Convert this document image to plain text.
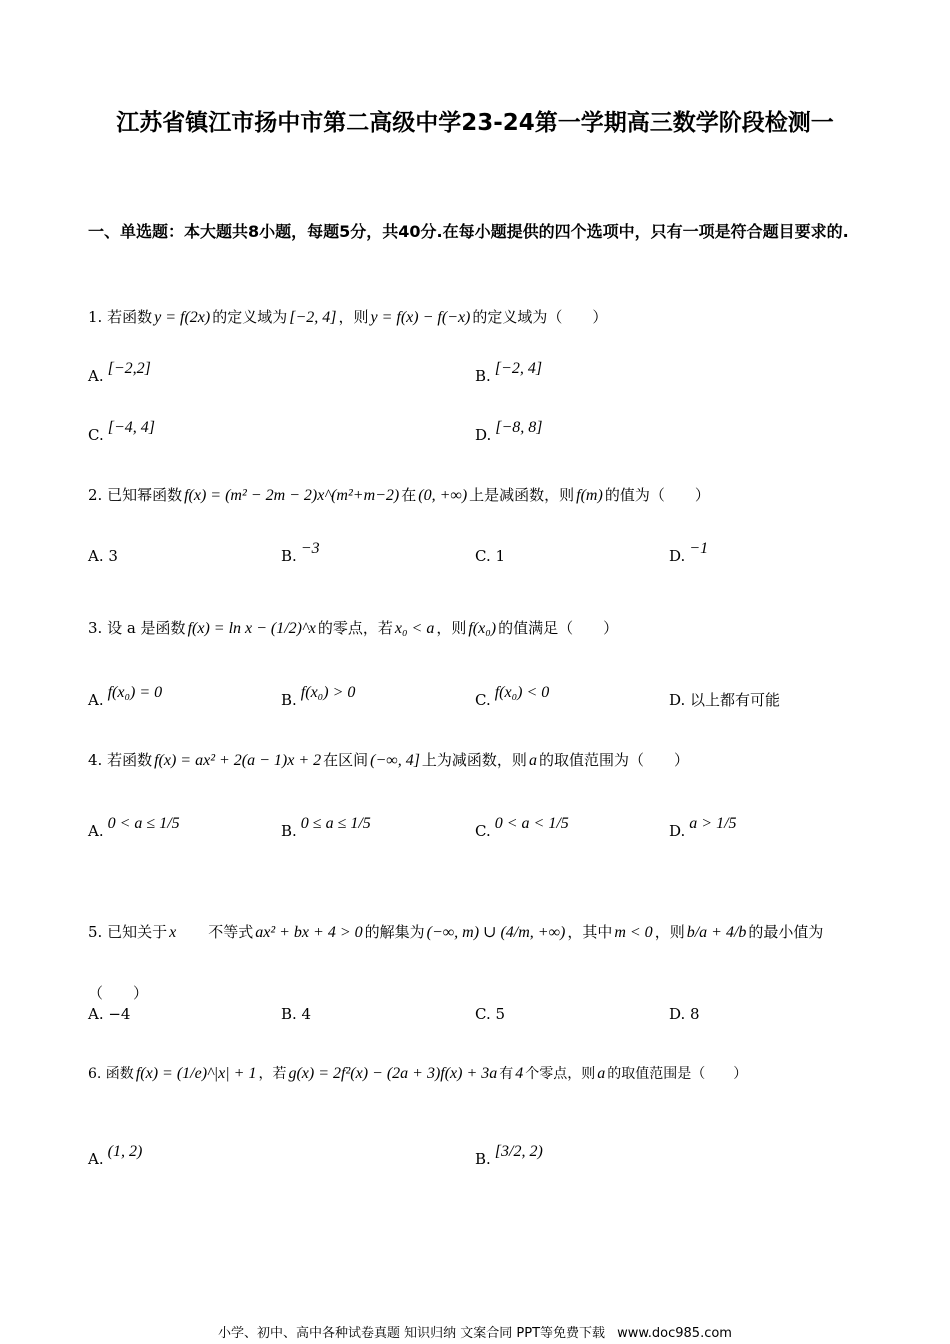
江苏省镇江市扬中市第二高级中学23-24第一学期高三数学阶段检测一
一、单选题：本大题共8小题，每题5分，共40分.在每小题提供的四个选项中，只有一项是符合题目要求的.
1. 若函数 y = f(2x) 的定义域为 [−2, 4] ，则 y = f(x) − f(−x) 的定义域为（　　）
A. [−2,2]	B. [−2, 4]
C. [−4, 4]	D. [−8, 8]
2. 已知幂函数 f(x) = (m² − 2m − 2)x^(m²+m−2) 在 (0, +∞) 上是减函数，则 f(m) 的值为（　　）
A. 3	B. −3	C. 1	D. −1
3. 设 a 是函数 f(x) = ln x − (1/2)^x 的零点，若 x₀ < a ，则 f(x₀) 的值满足（　　）
A. f(x₀) = 0	B. f(x₀) > 0	C. f(x₀) < 0	D. 以上都有可能
4. 若函数 f(x) = ax² + 2(a − 1)x + 2 在区间 (−∞, 4] 上为减函数，则 a 的取值范围为（　　）
A. 0 < a ≤ 1/5	B. 0 ≤ a ≤ 1/5	C. 0 < a < 1/5	D. a > 1/5
5. 已知关于 x　　不等式 ax² + bx + 4 > 0 的解集为 (−∞, m) ∪ (4/m, +∞) ，其中 m < 0 ，则 b/a + 4/b 的最小值为（　　）
A. −4	B. 4	C. 5	D. 8
6. 函数 f(x) = (1/e)^|x| + 1 ，若 g(x) = 2f²(x) − (2a + 3)f(x) + 3a 有 4 个零点，则 a 的取值范围是（　　）
A. (1, 2)	B. [3/2, 2)
小学、初中、高中各种试卷真题 知识归纳 文案合同 PPT等免费下载 www.doc985.com
